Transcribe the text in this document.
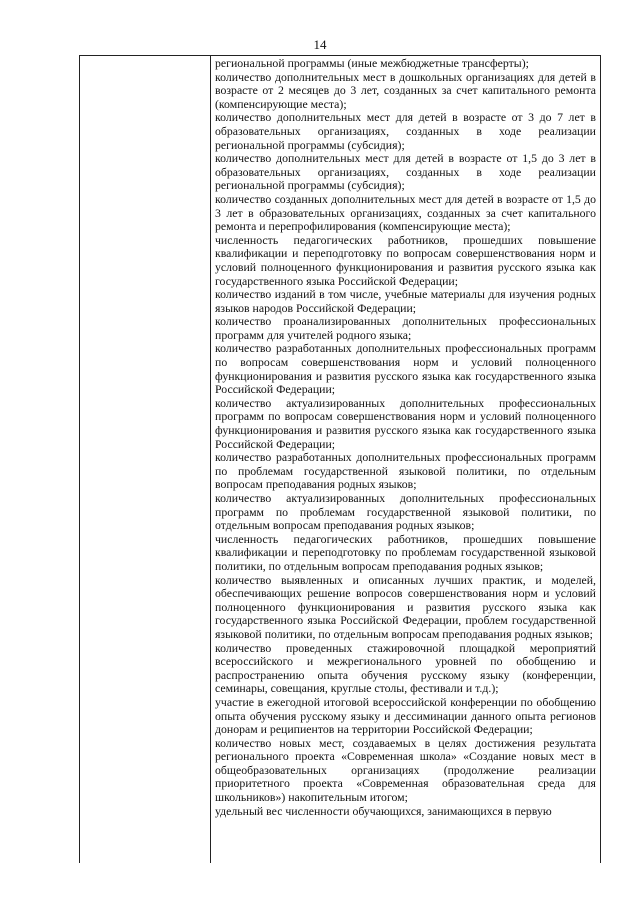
14

региональной программы (иные межбюджетные трансферты);

количество дополнительных мест в дошкольных организациях для детей в возрасте от 2 месяцев до 3 лет, созданных за счет капитального ремонта (компенсирующие места);

количество дополнительных мест для детей в возрасте от 3 до 7 лет в образовательных организациях, созданных в ходе реализации региональной программы (субсидия);

количество дополнительных мест для детей в возрасте от 1,5 до 3 лет в образовательных организациях, созданных в ходе реализации региональной программы (субсидия);

количество созданных дополнительных мест для детей в возрасте от 1,5 до 3 лет в образовательных организациях, созданных за счет капитального ремонта и перепрофилирования (компенсирующие места);

численность педагогических работников, прошедших повышение квалификации и переподготовку по вопросам совершенствования норм и условий полноценного функционирования и развития русского языка как государственного языка Российской Федерации;

количество изданий в том числе, учебные материалы для изучения родных языков народов Российской Федерации;

количество проанализированных дополнительных профессиональных программ для учителей родного языка;

количество разработанных дополнительных профессиональных программ по вопросам совершенствования норм и условий полноценного функционирования и развития русского языка как государственного языка Российской Федерации;

количество актуализированных дополнительных профессиональных программ по вопросам совершенствования норм и условий полноценного функционирования и развития русского языка как государственного языка Российской Федерации;

количество разработанных дополнительных профессиональных программ по проблемам государственной языковой политики, по отдельным вопросам преподавания родных языков;

количество актуализированных дополнительных профессиональных программ по проблемам государственной языковой политики, по отдельным вопросам преподавания родных языков;

численность педагогических работников, прошедших повышение квалификации и переподготовку по проблемам государственной языковой политики, по отдельным вопросам преподавания родных языков;

количество выявленных и описанных лучших практик, и моделей, обеспечивающих решение вопросов совершенствования норм и условий полноценного функционирования и развития русского языка как государственного языка Российской Федерации, проблем государственной языковой политики, по отдельным вопросам преподавания родных языков;

количество проведенных стажировочной площадкой мероприятий всероссийского и межрегионального уровней по обобщению и распространению опыта обучения русскому языку (конференции, семинары, совещания, круглые столы, фестивали и т.д.);

участие в ежегодной итоговой всероссийской конференции по обобщению опыта обучения русскому языку и дессиминации данного опыта регионов донорам и реципиентов на территории Российской Федерации;

количество новых мест, создаваемых в целях достижения результата регионального проекта «Современная школа» «Создание новых мест в общеобразовательных организациях (продолжение реализации приоритетного проекта «Современная образовательная среда для школьников») накопительным итогом;

удельный вес численности обучающихся, занимающихся в первую
